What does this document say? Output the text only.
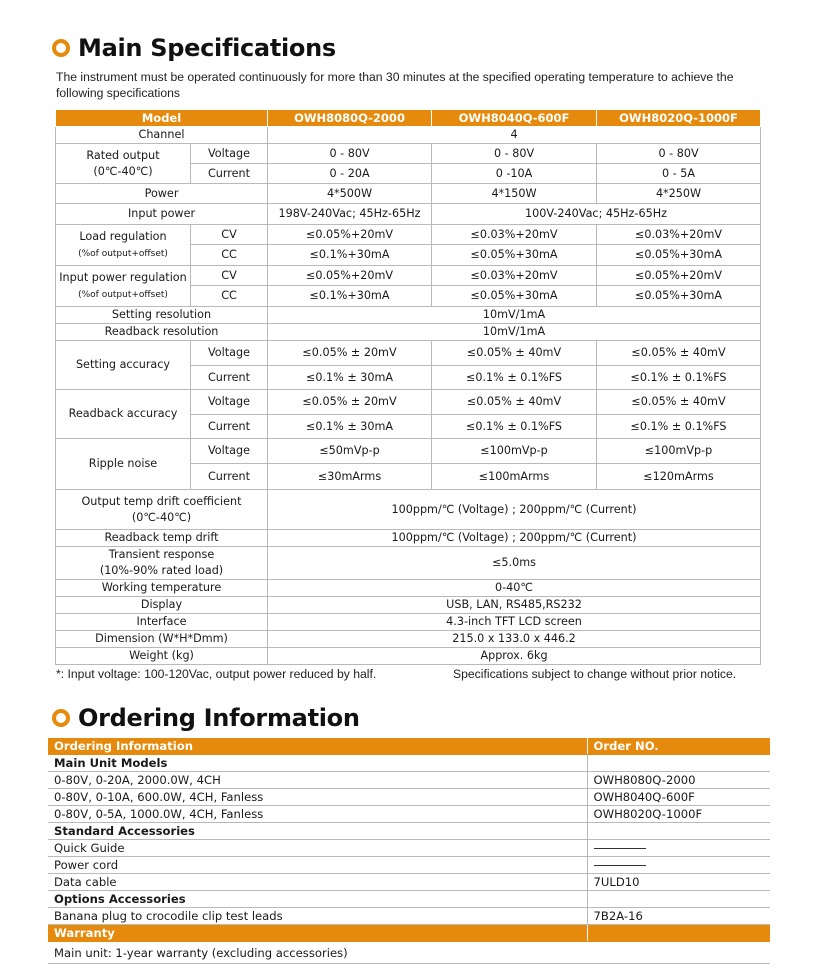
Main Specifications
The instrument must be operated continuously for more than 30 minutes at the specified operating temperature to achieve the following specifications
Model		OWH8080Q-2000	OWH8040Q-600F	OWH8020Q-1000F
Channel		4		
Rated output
(0℃-40℃)	Voltage	0 - 80V	0 - 80V	0 - 80V
	Current	0 - 20A	0 -10A	0 - 5A
Power		4*500W	4*150W	4*250W
Input power		198V-240Vac; 45Hz-65Hz	100V-240Vac; 45Hz-65Hz	
Load regulation
(%of output+offset)	CV	≤0.05%+20mV	≤0.03%+20mV	≤0.03%+20mV
	CC	≤0.1%+30mA	≤0.05%+30mA	≤0.05%+30mA
Input power regulation
(%of output+offset)	CV	≤0.05%+20mV	≤0.03%+20mV	≤0.05%+20mV
	CC	≤0.1%+30mA	≤0.05%+30mA	≤0.05%+30mA
Setting resolution		10mV/1mA		
Readback resolution		10mV/1mA		
Setting accuracy	Voltage	≤0.05% ± 20mV	≤0.05% ± 40mV	≤0.05% ± 40mV
	Current	≤0.1% ± 30mA	≤0.1% ± 0.1%FS	≤0.1% ± 0.1%FS
Readback accuracy	Voltage	≤0.05% ± 20mV	≤0.05% ± 40mV	≤0.05% ± 40mV
	Current	≤0.1% ± 30mA	≤0.1% ± 0.1%FS	≤0.1% ± 0.1%FS
Ripple noise	Voltage	≤50mVp-p	≤100mVp-p	≤100mVp-p
	Current	≤30mArms	≤100mArms	≤120mArms
Output temp drift coefficient
(0℃-40℃)		100ppm/℃ (Voltage) ; 200ppm/℃ (Current)		
Readback temp drift		100ppm/℃ (Voltage) ; 200ppm/℃ (Current)		
Transient response
(10%-90% rated load)		≤5.0ms		
Working temperature		0-40℃		
Display		USB, LAN, RS485,RS232		
Interface		4.3-inch TFT LCD screen		
Dimension (W*H*Dmm)		215.0 x 133.0 x 446.2		
Weight (kg)		Approx. 6kg		
*: Input voltage: 100-120Vac, output power reduced by half.	Specifications subject to change without prior notice.
Ordering Information
Ordering Information	Order NO.
Main Unit Models	
0-80V, 0-20A, 2000.0W, 4CH	OWH8080Q-2000
0-80V, 0-10A, 600.0W, 4CH, Fanless	OWH8040Q-600F
0-80V, 0-5A, 1000.0W, 4CH, Fanless	OWH8020Q-1000F
Standard Accessories	
Quick Guide	
Power cord	
Data cable	7ULD10
Options Accessories	
Banana plug to crocodile clip test leads	7B2A-16
Warranty	
Main unit: 1-year warranty (excluding accessories)	
